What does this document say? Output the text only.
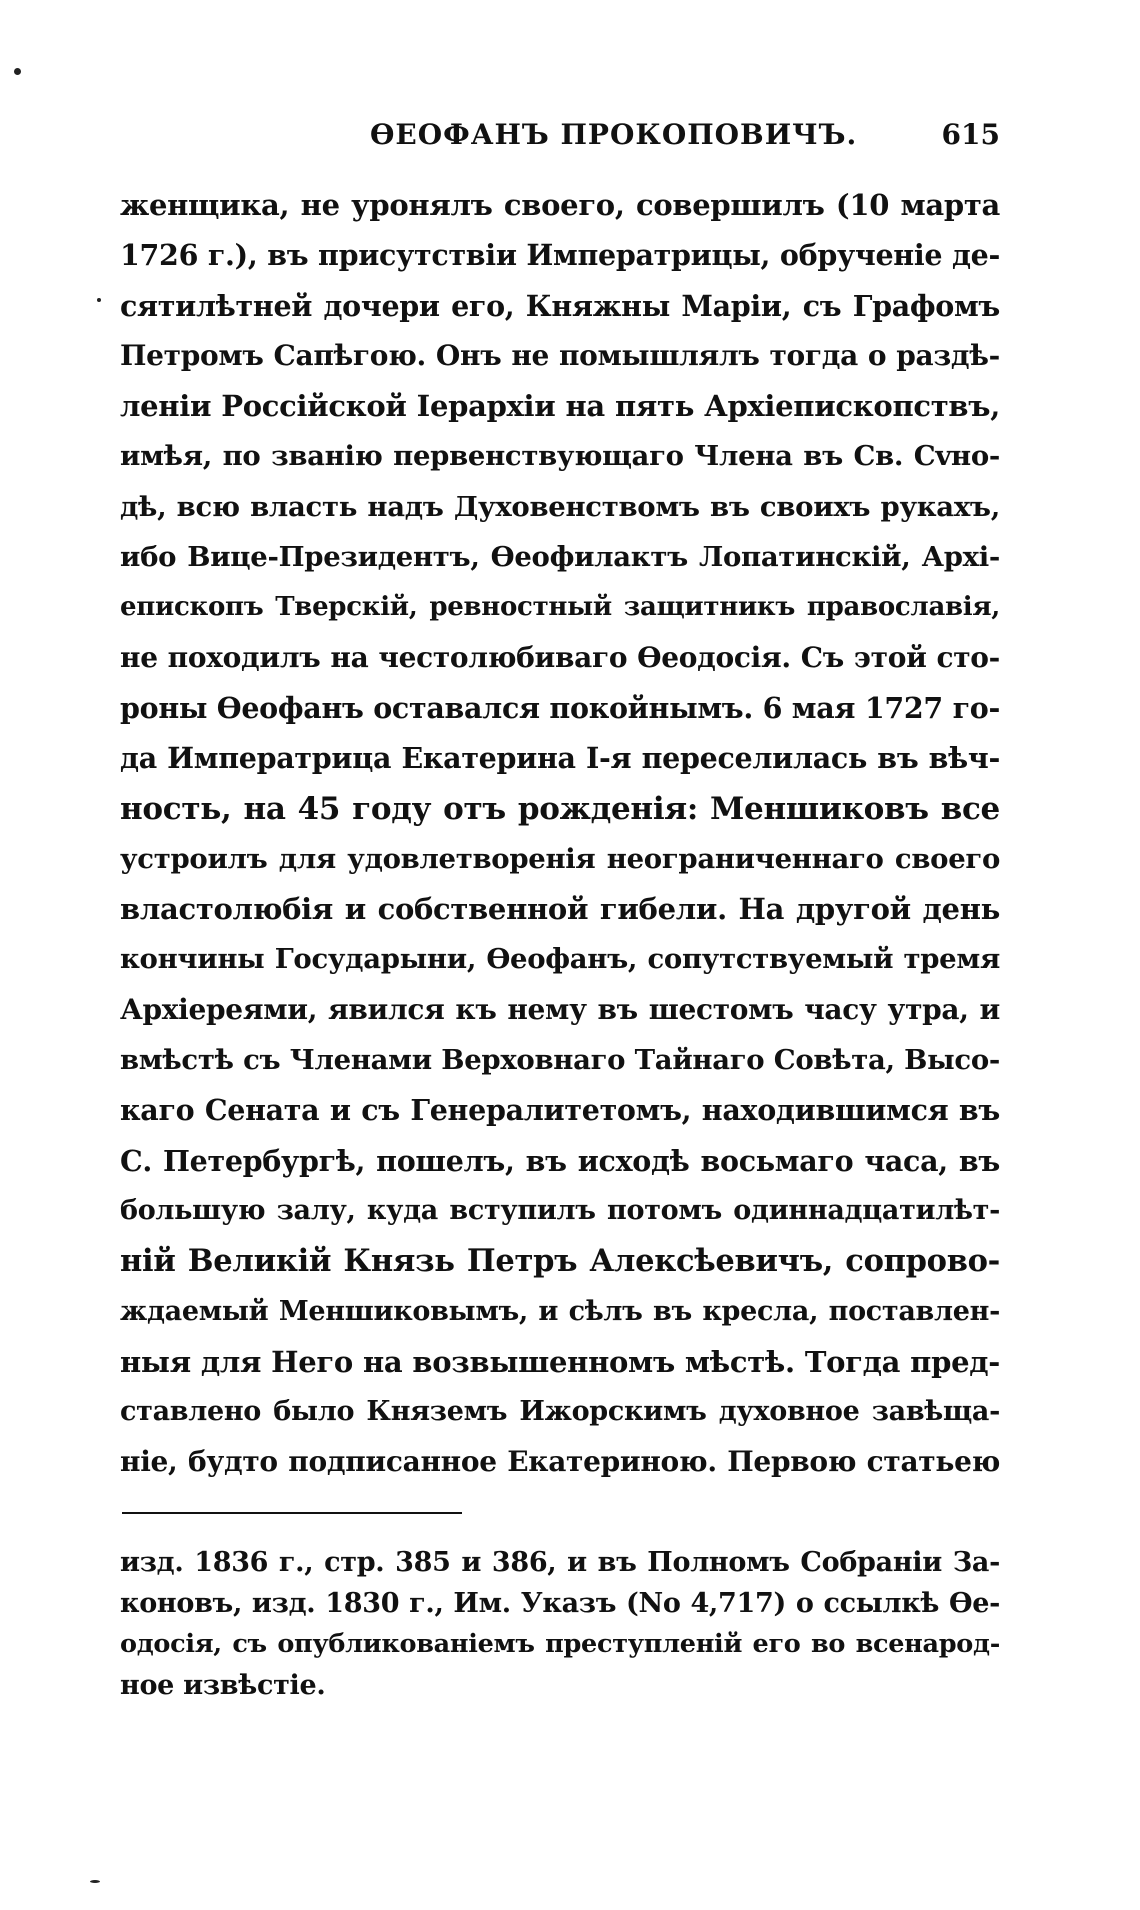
ѲЕОФАНЪ ПРОКОПОВИЧЪ.	615
женщика, не уронялъ своего, совершилъ (10 марта
1726 г.), въ присутствіи Императрицы, обрученіе де-
сятилѣтней дочери его, Княжны Маріи, съ Графомъ
Петромъ Сапѣгою. Онъ не помышлялъ тогда о раздѣ-
леніи Россійской Іерархіи на пять Архіепископствъ,
имѣя, по званію первенствующаго Члена въ Св. Сvно-
дѣ, всю власть надъ Духовенствомъ въ своихъ рукахъ,
ибо Вице-Президентъ, Ѳеофилактъ Лопатинскій, Архі-
епископъ Тверскій, ревностный защитникъ православія,
не походилъ на честолюбиваго Ѳеодосія. Съ этой сто-
роны Ѳеофанъ оставался покойнымъ. 6 мая 1727 го-
да Императрица Екатерина I-я переселилась въ вѣч-
ность, на 45 году отъ рожденія: Меншиковъ все
устроилъ для удовлетворенія неограниченнаго своего
властолюбія и собственной гибели. На другой день
кончины Государыни, Ѳеофанъ, сопутствуемый тремя
Архіереями, явился къ нему въ шестомъ часу утра, и
вмѣстѣ съ Членами Верховнаго Тайнаго Совѣта, Высо-
каго Сената и съ Генералитетомъ, находившимся въ
С. Петербургѣ, пошелъ, въ исходѣ восьмаго часа, въ
большую залу, куда вступилъ потомъ одиннадцатилѣт-
ній Великій Князь Петръ Алексѣевичъ, сопрово-
ждаемый Меншиковымъ, и сѣлъ въ кресла, поставлен-
ныя для Него на возвышенномъ мѣстѣ. Тогда пред-
ставлено было Княземъ Ижорскимъ духовное завѣща-
ніе, будто подписанное Екатериною. Первою статьею
изд. 1836 г., стр. 385 и 386, и въ Полномъ Собраніи За-
коновъ, изд. 1830 г., Им. Указъ (No 4,717) о ссылкѣ Ѳе-
одосія, съ опубликованіемъ преступленій его во всенарод-
ное извѣстіе.
